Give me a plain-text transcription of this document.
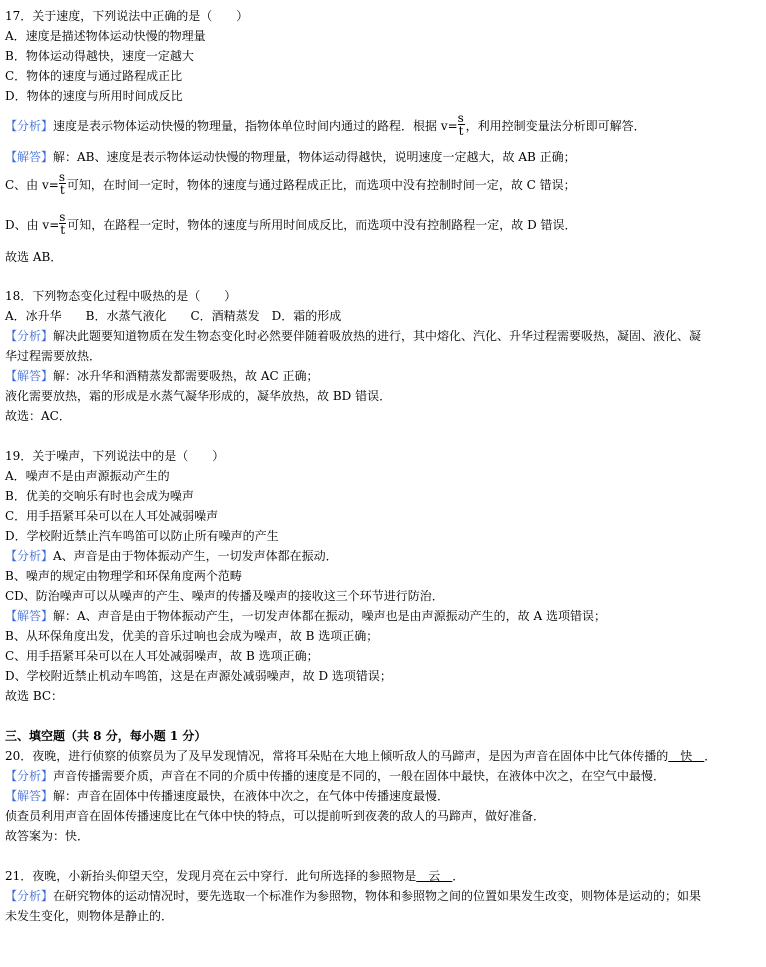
17．关于速度，下列说法中正确的是（　　）
A．速度是描述物体运动快慢的物理量
B．物体运动得越快，速度一定越大
C．物体的速度与通过路程成正比
D．物体的速度与所用时间成反比
【分析】速度是表示物体运动快慢的物理量，指物体单位时间内通过的路程．根据 $v= \frac{s}{t}$ ，利用控制变量法分析即可解答．
【解答】解：AB、速度是表示物体运动快慢的物理量，物体运动得越快，说明速度一定越大，故 AB 正确；
C、由 $v= \frac{s}{t}$ 可知，在时间一定时，物体的速度与通过路程成正比，而选项中没有控制时间一定，故 C 错误；
D、由 $v= \frac{s}{t}$ 可知，在路程一定时，物体的速度与所用时间成反比，而选项中没有控制路程一定，故 D 错误．
故选 AB．
18．下列物态变化过程中吸热的是（　　）
A．冰升华　　B．水蒸气液化　　C．酒精蒸发　D．霜的形成
【分析】解决此题要知道物质在发生物态变化时必然要伴随着吸放热的进行，其中熔化、汽化、升华过程需要吸热，凝固、液化、凝
华过程需要放热．
【解答】解：冰升华和酒精蒸发都需要吸热，故 AC 正确；
液化需要放热，霜的形成是水蒸气凝华形成的，凝华放热，故 BD 错误．
故选：AC．
19．关于噪声，下列说法中的是（　　）
A．噪声不是由声源振动产生的
B．优美的交响乐有时也会成为噪声
C．用手捂紧耳朵可以在人耳处减弱噪声
D．学校附近禁止汽车鸣笛可以防止所有噪声的产生
【分析】A、声音是由于物体振动产生，一切发声体都在振动．
B、噪声的规定由物理学和环保角度两个范畴
CD、防治噪声可以从噪声的产生、噪声的传播及噪声的接收这三个环节进行防治．
【解答】解：A、声音是由于物体振动产生，一切发声体都在振动，噪声也是由声源振动产生的，故 A 选项错误；
B、从环保角度出发，优美的音乐过响也会成为噪声，故 B 选项正确；
C、用手捂紧耳朵可以在人耳处减弱噪声，故 B 选项正确；
D、学校附近禁止机动车鸣笛，这是在声源处减弱噪声，故 D 选项错误；
故选 BC：
三、填空题（共 8 分，每小题 1 分）
20．夜晚，进行侦察的侦察员为了及早发现情况，常将耳朵贴在大地上倾听敌人的马蹄声，是因为声音在固体中比气体传播的　快　．
【分析】声音传播需要介质，声音在不同的介质中传播的速度是不同的，一般在固体中最快，在液体中次之，在空气中最慢．
【解答】解：声音在固体中传播速度最快，在液体中次之，在气体中传播速度最慢．
侦查员利用声音在固体传播速度比在气体中快的特点，可以提前听到夜袭的敌人的马蹄声，做好准备．
故答案为：快．
21．夜晚，小新抬头仰望天空，发现月亮在云中穿行．此句所选择的参照物是　云　．
【分析】在研究物体的运动情况时，要先选取一个标准作为参照物，物体和参照物之间的位置如果发生改变，则物体是运动的；如果
未发生变化，则物体是静止的．
